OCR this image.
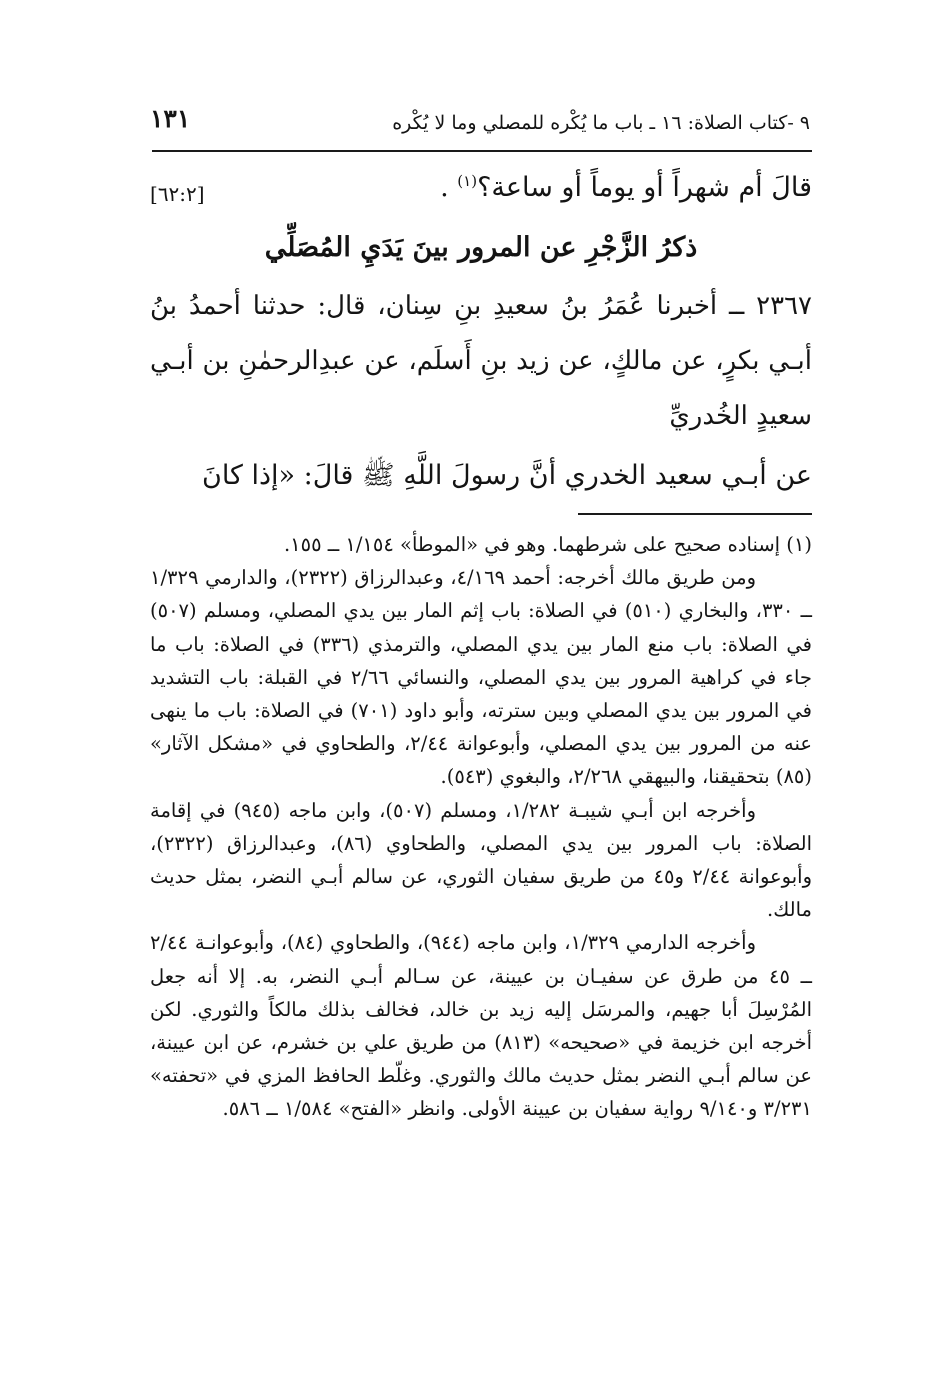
١٣١	٩ -كتاب الصلاة: ١٦ ـ باب ما يُكْره للمصلي وما لا يُكْره
قالَ أم شهراً أو يوماً أو ساعة؟$^{(١)}$ .
[٦٢:٢]
ذكرُ الزَّجْرِ عن المرور بينَ يَدَيِ المُصَلِّي

٢٣٦٧ ــ أخبرنا عُمَرُ بنُ سعيدِ بنِ سِنان، قال: حدثنا أحمدُ بنُ أبـي بكرٍ، عن مالكٍ، عن زيد بنِ أَسلَم، عن عبدِالرحمٰنِ بن أبـي سعيدٍ الخُدريِّ

عن أبـي سعيد الخدري أنَّ رسولَ اللَّهِ ﷺ قالَ: «إذا كانَ

(١) إسناده صحيح على شرطهما. وهو في «الموطأ» ١/١٥٤ ــ ١٥٥.

ومن طريق مالك أخرجه: أحمد ٤/١٦٩، وعبدالرزاق (٢٣٢٢)، والدارمي ١/٣٢٩ ــ ٣٣٠، والبخاري (٥١٠) في الصلاة: باب إثم المار بين يدي المصلي، ومسلم (٥٠٧) في الصلاة: باب منع المار بين يدي المصلي، والترمذي (٣٣٦) في الصلاة: باب ما جاء في كراهية المرور بين يدي المصلي، والنسائي ٢/٦٦ في القبلة: باب التشديد في المرور بين يدي المصلي وبين سترته، وأبو داود (٧٠١) في الصلاة: باب ما ينهى عنه من المرور بين يدي المصلي، وأبوعوانة ٢/٤٤، والطحاوي في «مشكل الآثار» (٨٥) بتحقيقنا، والبيهقي ٢/٢٦٨، والبغوي (٥٤٣).

وأخرجه ابن أبـي شيبـة ١/٢٨٢، ومسلم (٥٠٧)، وابن ماجه (٩٤٥) في إقامة الصلاة: باب المرور بين يدي المصلي، والطحاوي (٨٦)، وعبدالرزاق (٢٣٢٢)، وأبوعوانة ٢/٤٤ و٤٥ من طريق سفيان الثوري، عن سالم أبـي النضر، بمثل حديث مالك.

وأخرجه الدارمي ١/٣٢٩، وابن ماجه (٩٤٤)، والطحاوي (٨٤)، وأبوعوانـة ٢/٤٤ ــ ٤٥ من طرق عن سفيـان بن عيينة، عن سـالم أبـي النضر، به. إلا أنه جعل المُرْسِلَ أبا جهيم، والمرسَل إليه زيد بن خالد، فخالف بذلك مالكاً والثوري. لكن أخرجه ابن خزيمة في «صحيحه» (٨١٣) من طريق علي بن خشرم، عن ابن عيينة، عن سالم أبـي النضر بمثل حديث مالك والثوري. وغلّط الحافظ المزي في «تحفته» ٣/٢٣١ و٩/١٤٠ رواية سفيان بن عيينة الأولى. وانظر «الفتح» ١/٥٨٤ ــ ٥٨٦.
